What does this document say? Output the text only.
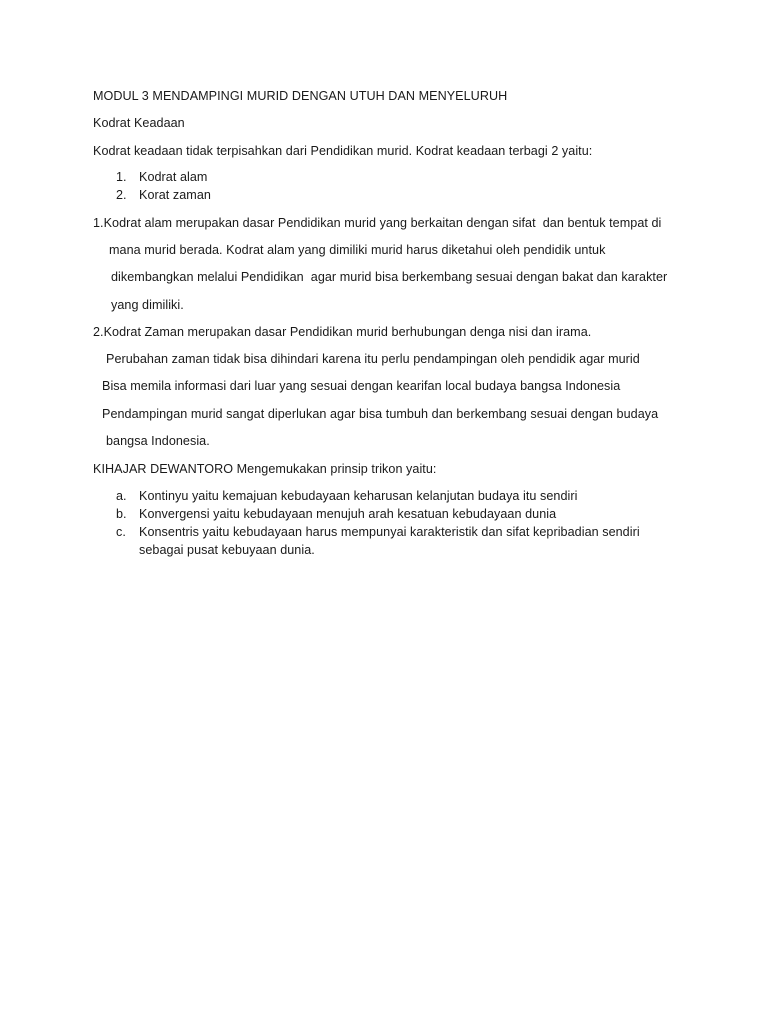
MODUL 3 MENDAMPINGI MURID DENGAN UTUH DAN MENYELURUH
Kodrat Keadaan
Kodrat keadaan tidak terpisahkan dari Pendidikan murid. Kodrat keadaan terbagi 2 yaitu:
1. Kodrat alam
2. Korat zaman
1.Kodrat alam merupakan dasar Pendidikan murid yang berkaitan dengan sifat  dan bentuk tempat di
mana murid berada. Kodrat alam yang dimiliki murid harus diketahui oleh pendidik untuk
dikembangkan melalui Pendidikan  agar murid bisa berkembang sesuai dengan bakat dan karakter
yang dimiliki.
2.Kodrat Zaman merupakan dasar Pendidikan murid berhubungan denga nisi dan irama.
Perubahan zaman tidak bisa dihindari karena itu perlu pendampingan oleh pendidik agar murid
Bisa memila informasi dari luar yang sesuai dengan kearifan local budaya bangsa Indonesia
Pendampingan murid sangat diperlukan agar bisa tumbuh dan berkembang sesuai dengan budaya
bangsa Indonesia.
KIHAJAR DEWANTORO Mengemukakan prinsip trikon yaitu:
a. Kontinyu yaitu kemajuan kebudayaan keharusan kelanjutan budaya itu sendiri
b. Konvergensi yaitu kebudayaan menujuh arah kesatuan kebudayaan dunia
c. Konsentris yaitu kebudayaan harus mempunyai karakteristik dan sifat kepribadian sendiri
sebagai pusat kebuyaan dunia.
